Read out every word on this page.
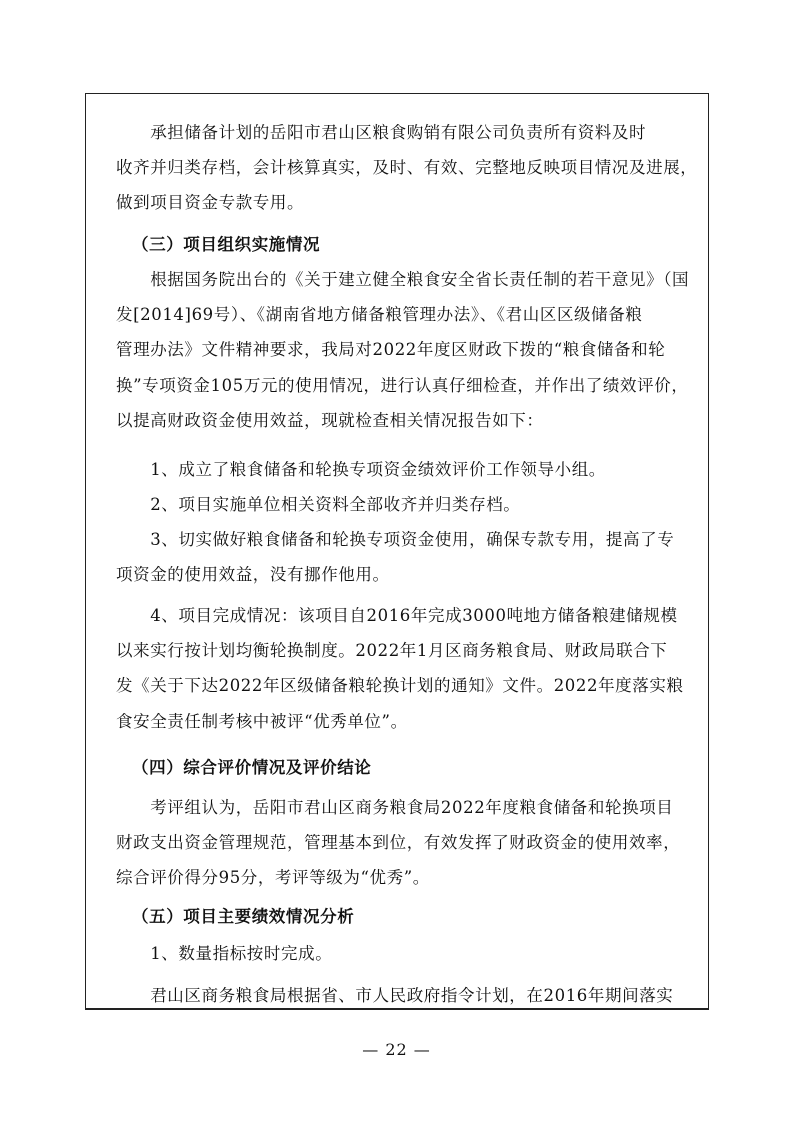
　　承担储备计划的岳阳市君山区粮食购销有限公司负责所有资料及时
收齐并归类存档，会计核算真实，及时、有效、完整地反映项目情况及进展，
做到项目资金专款专用。

（三）项目组织实施情况

　　根据国务院出台的《关于建立健全粮食安全省长责任制的若干意见》（国
发[2014]69号）、《湖南省地方储备粮管理办法》、《君山区区级储备粮
管理办法》文件精神要求，我局对2022年度区财政下拨的“粮食储备和轮
换”专项资金105万元的使用情况，进行认真仔细检查，并作出了绩效评价，
以提高财政资金使用效益，现就检查相关情况报告如下：

　　1、成立了粮食储备和轮换专项资金绩效评价工作领导小组。

　　2、项目实施单位相关资料全部收齐并归类存档。

　　3、切实做好粮食储备和轮换专项资金使用，确保专款专用，提高了专
项资金的使用效益，没有挪作他用。

　　4、项目完成情况：该项目自2016年完成3000吨地方储备粮建储规模
以来实行按计划均衡轮换制度。2022年1月区商务粮食局、财政局联合下
发《关于下达2022年区级储备粮轮换计划的通知》文件。2022年度落实粮
食安全责任制考核中被评“优秀单位”。

（四）综合评价情况及评价结论

　　考评组认为，岳阳市君山区商务粮食局2022年度粮食储备和轮换项目
财政支出资金管理规范，管理基本到位，有效发挥了财政资金的使用效率，
综合评价得分95分，考评等级为“优秀”。

（五）项目主要绩效情况分析

　　1、数量指标按时完成。

　　君山区商务粮食局根据省、市人民政府指令计划，在2016年期间落实

— 22 —
